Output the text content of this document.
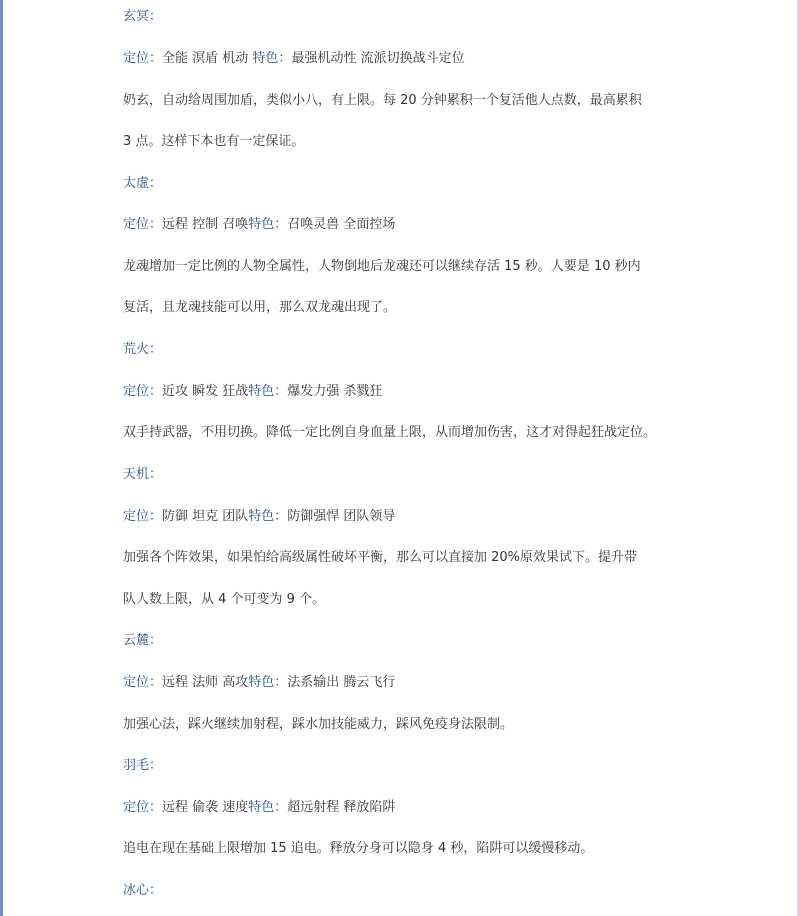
玄冥：
定位：全能 溟盾 机动 特色：最强机动性 流派切换战斗定位
奶玄，自动给周围加盾，类似小八，有上限。每 20 分钟累积一个复活他人点数，最高累积
3 点。这样下本也有一定保证。
太虚：
定位：远程 控制 召唤特色：召唤灵兽 全面控场
龙魂增加一定比例的人物全属性，人物倒地后龙魂还可以继续存活 15 秒。人要是 10 秒内
复活，且龙魂技能可以用，那么双龙魂出现了。
荒火：
定位：近攻 瞬发 狂战特色：爆发力强 杀戮狂
双手持武器，不用切换。降低一定比例自身血量上限，从而增加伤害，这才对得起狂战定位。
天机：
定位：防御 坦克 团队特色：防御强悍 团队领导
加强各个阵效果，如果怕给高级属性破坏平衡，那么可以直接加 20%原效果试下。提升带
队人数上限，从 4 个可变为 9 个。
云麓：
定位：远程 法师 高攻特色：法系输出 腾云飞行
加强心法，踩火继续加射程，踩水加技能威力，踩风免疫身法限制。
羽毛：
定位：远程 偷袭 速度特色：超远射程 释放陷阱
追电在现在基础上限增加 15 追电。释放分身可以隐身 4 秒，陷阱可以缓慢移动。
冰心：
